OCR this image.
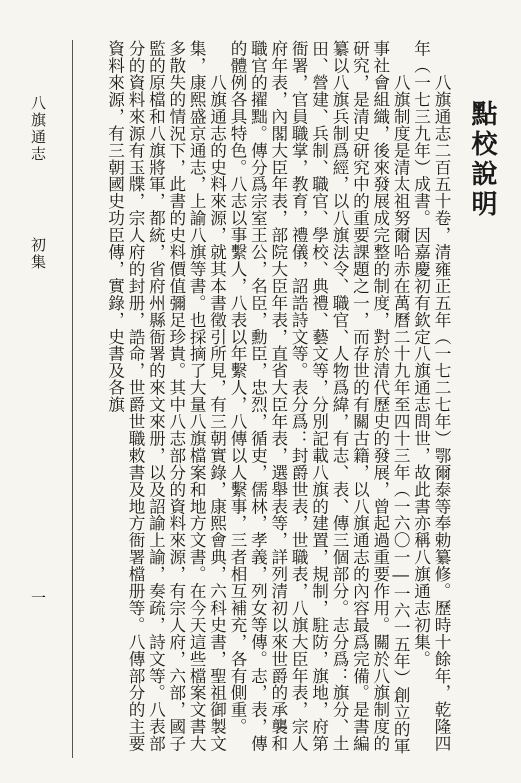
點校說明
　　八旗通志二百五十卷，清雍正五年（一七二七年）鄂爾泰等奉勅纂修。歷時十餘年，乾隆四
年（一七三九年）成書。因嘉慶初有欽定八旗通志問世，故此書亦稱八旗通志初集。
　　八旗制度是清太祖努爾哈赤在萬曆二十九年至四十三年（一六〇一―一六一五年）創立的軍
事社會組織，後來發展成完整的制度，對於清代歷史的發展，曾起過重要作用。關於八旗制度的
研究，是清史研究中的重要課題之一，而存世的有關古籍，以八旗通志的內容最爲完備。是書編
纂以八旗兵制爲經，以八旗法令、職官、人物爲緯，有志、表、傳三個部分。志分爲：旗分、土
田、營建、兵制、職官、學校、典禮、藝文等，分別記載八旗的建置，規制，駐防，旗地，府第
衙署，官員職掌，教育，禮儀，詔誥詩文等。表分爲：封爵世表，世職表，八旗大臣年表，宗人
府年表，內閣大臣年表，部院大臣年表，直省大臣年表，選舉表等，詳列清初以來世爵的承襲和
職官的擢黜。傳分爲宗室王公，名臣，勳臣，忠烈，循吏，儒林，孝義，列女等傳。志，表，傳
的體例各具特色。八志以事繫人，八表以年繫人，八傳以人繫事，三者相互補充，各有側重。
　　八旗通志的史料來源，就其本書徵引所見，有三朝實錄，康熙會典，六科史書，聖祖御製文
集，康熙盛京通志，上諭八旗等書。也採摘了大量八旗檔案和地方文書。在今天這些檔案文書大
多散失的情況下，此書的史料價值彌足珍貴。其中八志部分的資料來源，有宗人府，六部，國子
監的原檔和八旗將軍，都統，省府州縣衙署的來文來册，以及詔諭上諭，奏疏，詩文等。八表部
分的資料來源有玉牒，宗人府的封册，誥命，世爵世職敕書及地方衙署檔册等。八傳部分的主要
資料來源，有三朝國史功臣傳，實錄，史書及各旗
八旗通志
初集
一
